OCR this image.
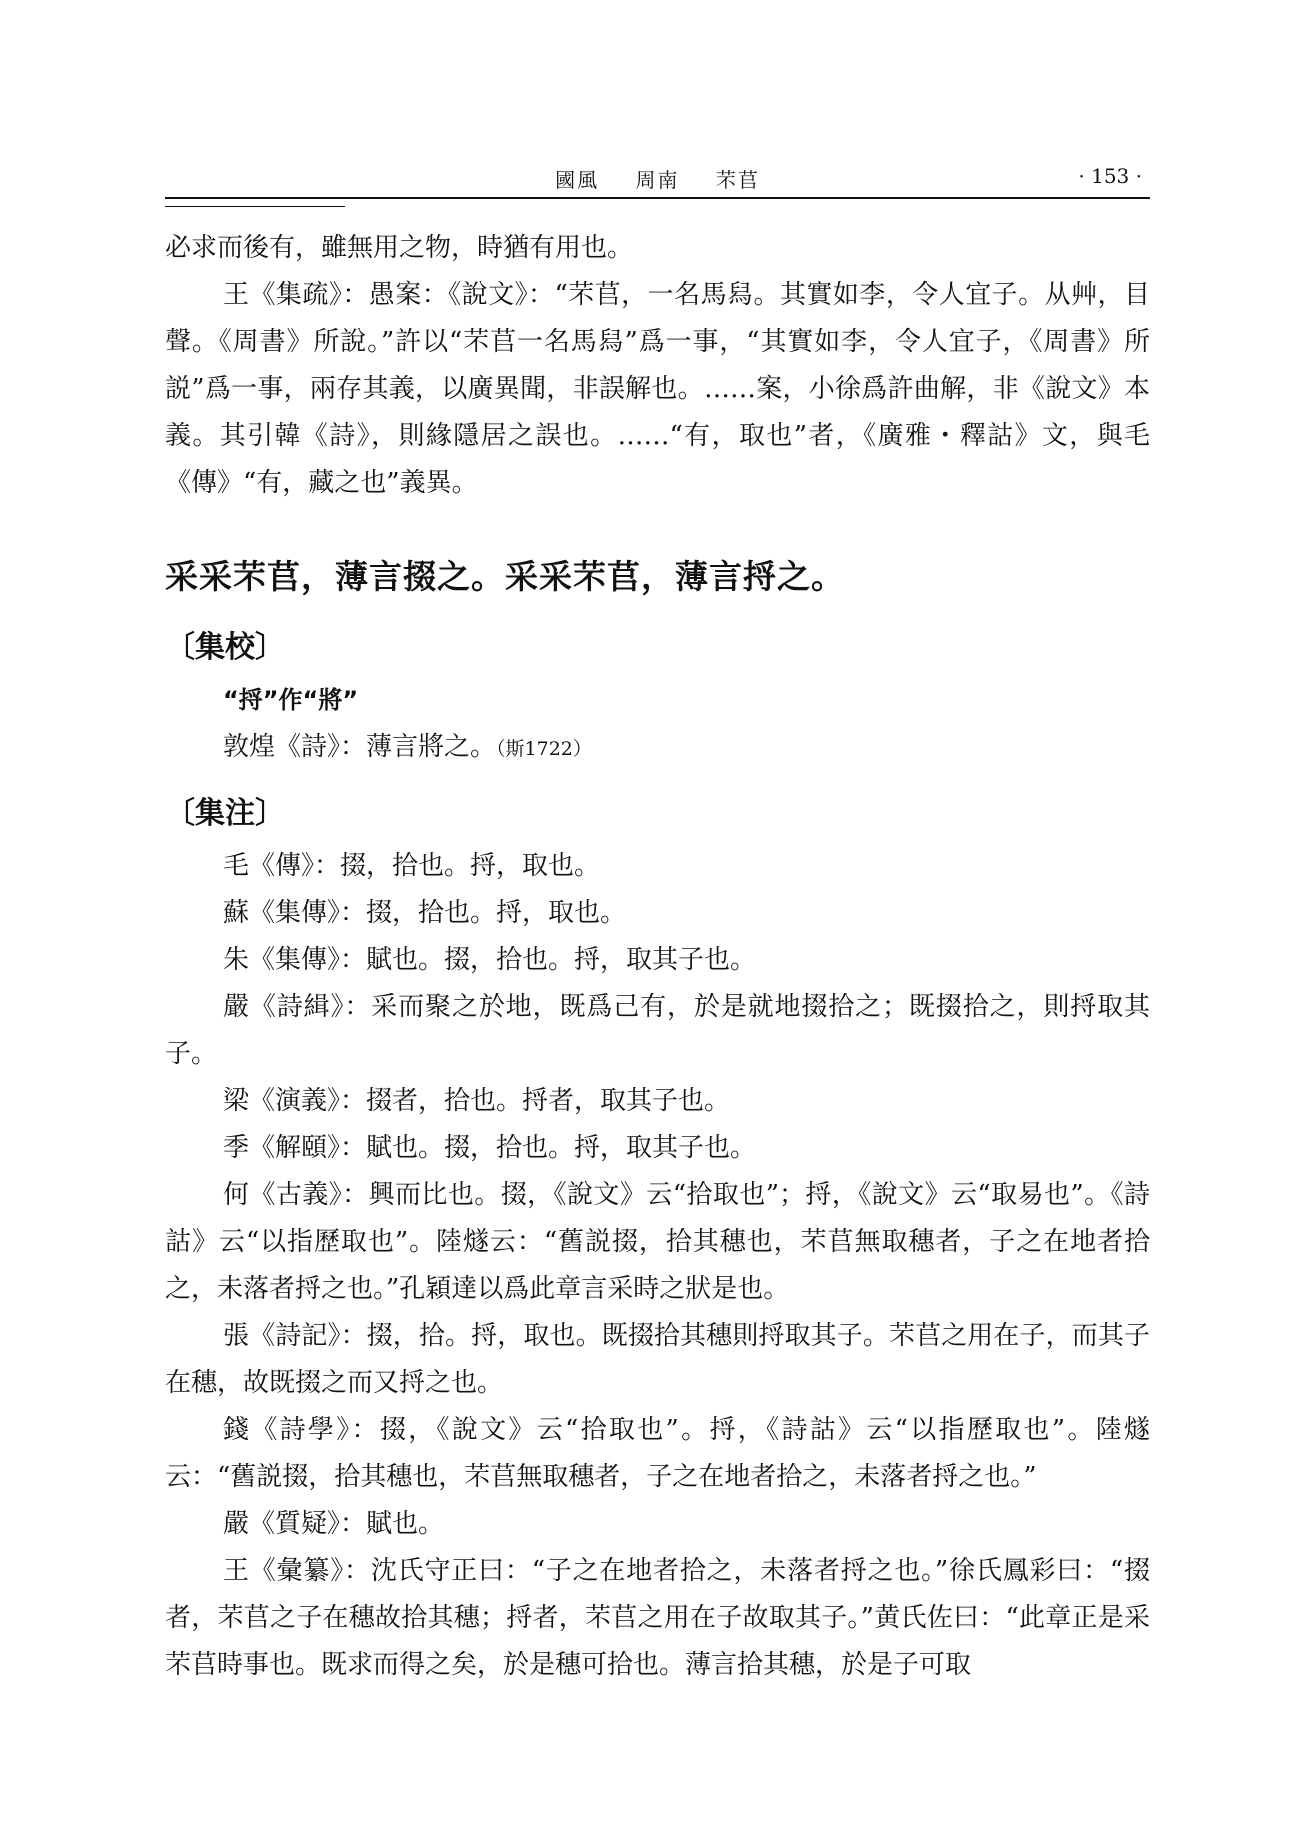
國風 周南 芣苢	· 153 ·

必求而後有，雖無用之物，時猶有用也。

王《集疏》：愚案：《說文》：“芣苢，一名馬舄。其實如李，令人宜子。从艸，目聲。《周書》所說。”許以“芣苢一名馬舄”爲一事，“其實如李，令人宜子，《周書》所説”爲一事，兩存其義，以廣異聞，非誤解也。……案，小徐爲許曲解，非《說文》本義。其引韓《詩》，則緣隱居之誤也。……“有，取也”者，《廣雅・釋詁》文，與毛《傳》“有，藏之也”義異。

采采芣苢，薄言掇之。采采芣苢，薄言捋之。

〔集校〕

“捋”作“將”

敦煌《詩》：薄言將之。（斯1722）

〔集注〕

毛《傳》：掇，拾也。捋，取也。

蘇《集傳》：掇，拾也。捋，取也。

朱《集傳》：賦也。掇，拾也。捋，取其子也。

嚴《詩緝》：采而聚之於地，既爲己有，於是就地掇拾之；既掇拾之，則捋取其子。

梁《演義》：掇者，拾也。捋者，取其子也。

季《解頤》：賦也。掇，拾也。捋，取其子也。

何《古義》：興而比也。掇，《說文》云“拾取也”；捋，《說文》云“取易也”。《詩詁》云“以指歷取也”。陸燧云：“舊説掇，拾其穗也，芣苢無取穗者，子之在地者拾之，未落者捋之也。”孔穎達以爲此章言采時之狀是也。

張《詩記》：掇，拾。捋，取也。既掇拾其穗則捋取其子。芣苢之用在子，而其子在穗，故既掇之而又捋之也。

錢《詩學》：掇，《說文》云“拾取也”。捋，《詩詁》云“以指歷取也”。陸燧云：“舊説掇，拾其穗也，芣苢無取穗者，子之在地者拾之，未落者捋之也。”

嚴《質疑》：賦也。

王《彙纂》：沈氏守正曰：“子之在地者拾之，未落者捋之也。”徐氏鳳彩曰：“掇者，芣苢之子在穗故拾其穗；捋者，芣苢之用在子故取其子。”黄氏佐曰：“此章正是采芣苢時事也。既求而得之矣，於是穗可拾也。薄言拾其穗，於是子可取
